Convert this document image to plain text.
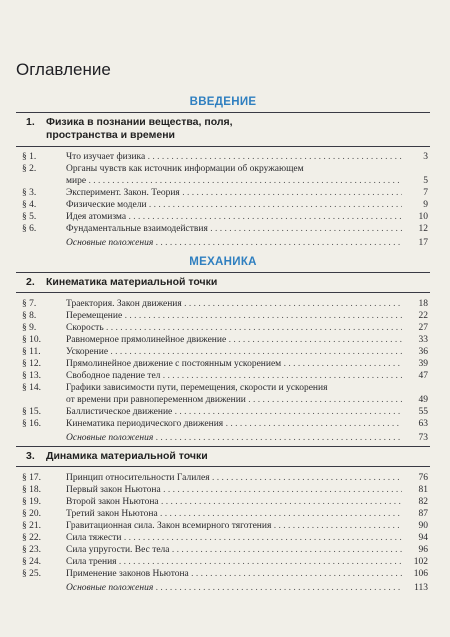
Оглавление
ВВЕДЕНИЕ
1. Физика в познании вещества, поля,
пространства и времени
§ 1.	Что изучает физика . . .	3
§ 2.	Органы чувств как источник информации об окружающем
мире . . .	5
§ 3.	Эксперимент. Закон. Теория . . .	7
§ 4.	Физические модели . . .	9
§ 5.	Идея атомизма . . .	10
§ 6.	Фундаментальные взаимодействия . . .	12
Основные положения . . .	17
МЕХАНИКА
2. Кинематика материальной точки
§ 7.	Траектория. Закон движения . . .	18
§ 8.	Перемещение . . .	22
§ 9.	Скорость . . .	27
§ 10.	Равномерное прямолинейное движение . . .	33
§ 11.	Ускорение . . .	36
§ 12.	Прямолинейное движение с постоянным ускорением . . .	39
§ 13.	Свободное падение тел . . .	47
§ 14.	Графики зависимости пути, перемещения, скорости и ускорения
от времени при равнопеременном движении . . .	49
§ 15.	Баллистическое движение . . .	55
§ 16.	Кинематика периодического движения . . .	63
Основные положения . . .	73
3. Динамика материальной точки
§ 17.	Принцип относительности Галилея . . .	76
§ 18.	Первый закон Ньютона . . .	81
§ 19.	Второй закон Ньютона . . .	82
§ 20.	Третий закон Ньютона . . .	87
§ 21.	Гравитационная сила. Закон всемирного тяготения . . .	90
§ 22.	Сила тяжести . . .	94
§ 23.	Сила упругости. Вес тела . . .	96
§ 24.	Сила трения . . .	102
§ 25.	Применение законов Ньютона . . .	106
Основные положения . . .	113
